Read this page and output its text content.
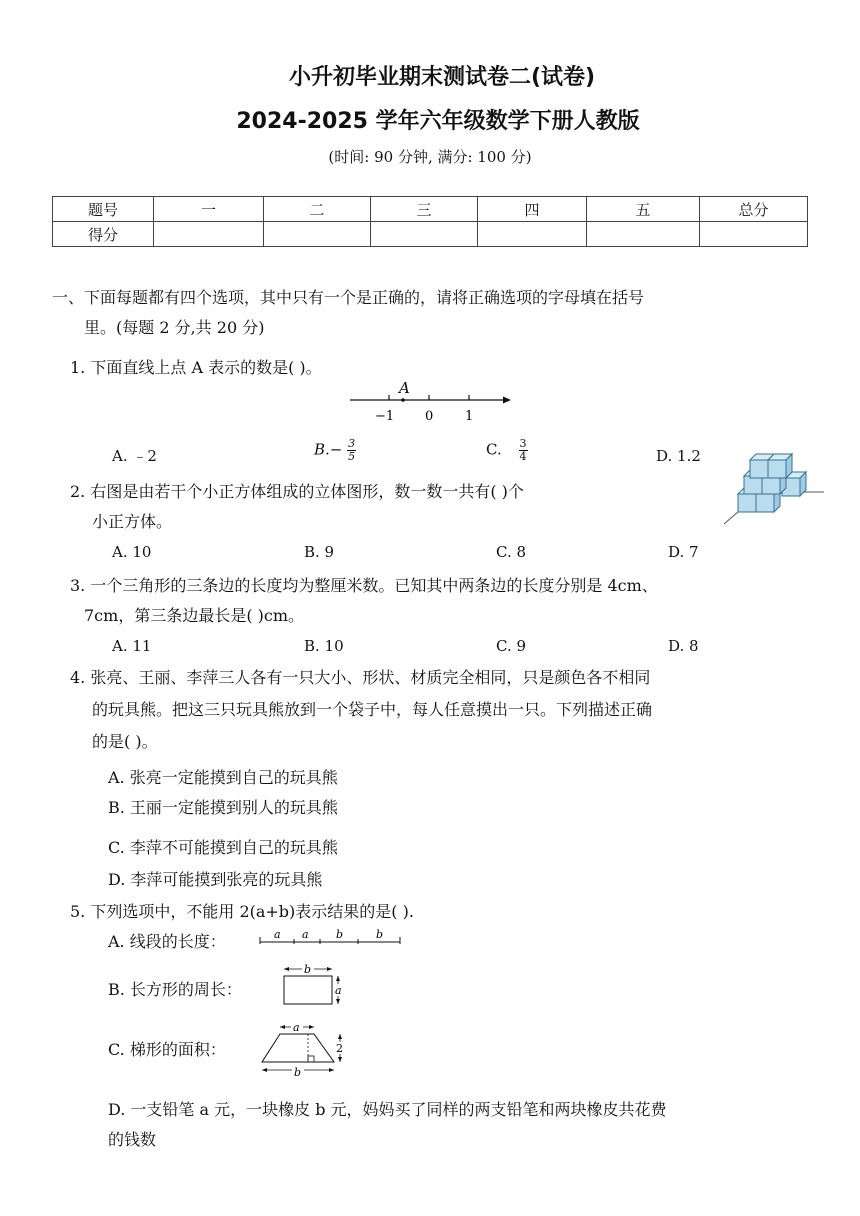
小升初毕业期末测试卷二(试卷)
2024-2025 学年六年级数学下册人教版
(时间: 90 分钟, 满分: 100 分)
题号	一	二	三	四	五	总分
得分						
一、下面每题都有四个选项，其中只有一个是正确的，请将正确选项的字母填在括号
里。(每题 2 分,共 20 分)
1. 下面直线上点 A 表示的数是( )。
A
−1 0 1
A. ﹣2	$B.- \frac{3}{5}$	C. $\frac{3}{4}$	D. 1.2
2. 右图是由若干个小正方体组成的立体图形，数一数一共有( )个
小正方体。
A. 10	B. 9	C. 8	D. 7
3. 一个三角形的三条边的长度均为整厘米数。已知其中两条边的长度分别是 4cm、
7cm，第三条边最长是( )cm。
A. 11	B. 10	C. 9	D. 8
4. 张亮、王丽、李萍三人各有一只大小、形状、材质完全相同，只是颜色各不相同
的玩具熊。把这三只玩具熊放到一个袋子中，每人任意摸出一只。下列描述正确
的是( )。
A. 张亮一定能摸到自己的玩具熊
B. 王丽一定能摸到别人的玩具熊
C. 李萍不可能摸到自己的玩具熊
D. 李萍可能摸到张亮的玩具熊
5. 下列选项中，不能用 2(a+b)表示结果的是( ).
A. 线段的长度：	a a b	b
B. 长方形的周长：
b
a
C. 梯形的面积：
a
b
2
D. 一支铅笔 a 元，一块橡皮 b 元，妈妈买了同样的两支铅笔和两块橡皮共花费
的钱数
